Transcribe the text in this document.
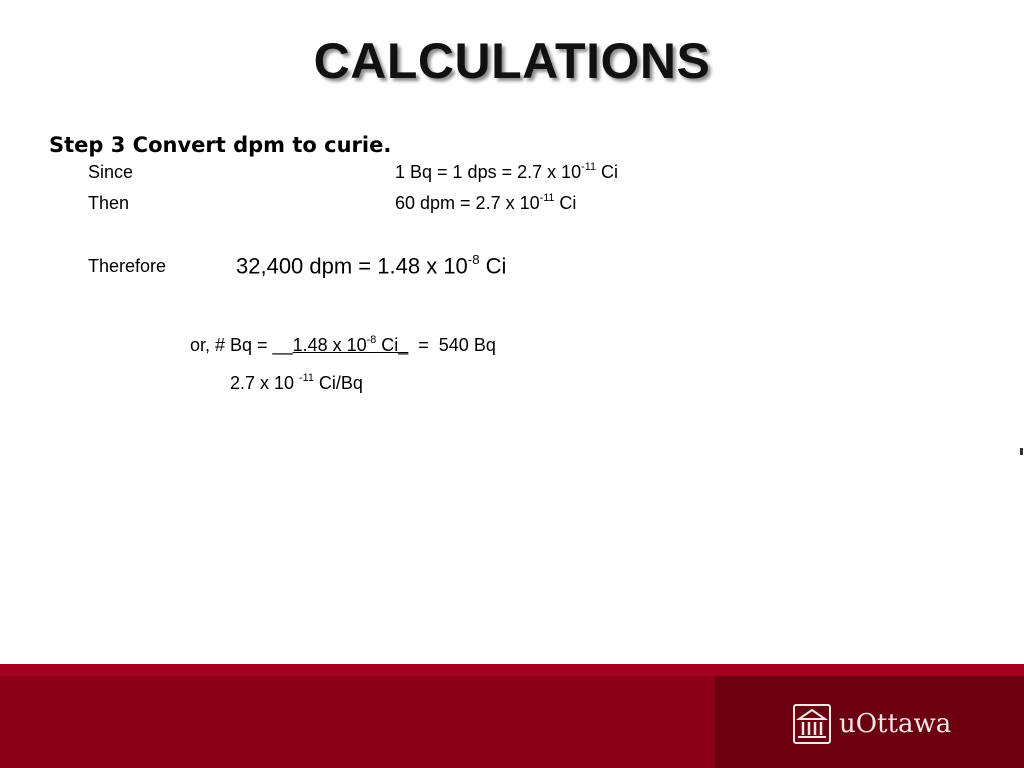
CALCULATIONS
Step 3 Convert dpm to curie.
Since	1 Bq = 1 dps = 2.7 x $10^{-11}$ Ci
Then	60 dpm = 2.7 x $10^{-11}$ Ci
Therefore	32,400 dpm = 1.48 x $10^{-8}$ Ci
or, # Bq = __1.48 x $10^{-8}$ Ci_  =  540 Bq
2.7 x 10 $^{-11}$ Ci/Bq
uOttawa
